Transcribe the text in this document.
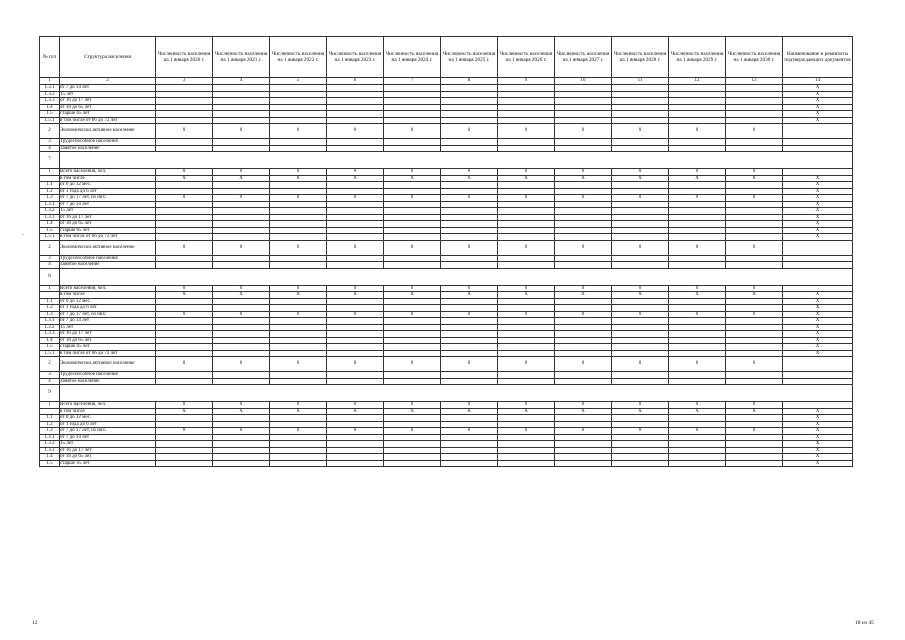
№ п/п	Структура населения	Численность населения на 1 января 2020 г.	Численность населения на 1 января 2021 г.	Численность населения на 1 января 2022 г.	Численность населения на 1 января 2023 г.	Численность населения на 1 января 2024 г.	Численность населения на 1 января 2025 г.	Численность населения на 1 января 2026 г.	Численность населения на 1 января 2027 г.	Численность населения на 1 января 2028 г.	Численность населения на 1 января 2029 г.	Численность населения на 1 января 2030 г.	Наименование и реквизиты подтверждающих документов
1	2	3	4	5	6	7	8	9	10	11	12	13	14
1.3.1	от 7 до 14 лет												X
1.3.2	15 лет												X
1.3.3	от 16 до 17 лет												X
1.4	от 18 до 65 лет												X
1.5	старше 65 лет												X
1.5.1	в том числе от 66 до 72 лет												X
2	Экономически активное население	0	0	0	0	0	0	0	0	0	0	0	
3	Трудоспособное население												
4	Занятое население												
7													
1	Всего населения, чел.	0	0	0	0	0	0	0	0	0	0	0	
	в том числе	X	X	X	X	X	X	X	X	X	X	X	X
1.1	от 0 до 12 мес.												X
1.2	от 1 года до 6 лет												X
1.3	от 7 до 17 лет, из них:	0	0	0	0	0	0	0	0	0	0	0	X
1.3.1	от 7 до 14 лет												X
1.3.2	15 лет												X
1.3.3	от 16 до 17 лет												X
1.4	от 18 до 65 лет												X
1.5	старше 65 лет												X
1.5.1	в том числе от 66 до 72 лет												X
2	Экономически активное население	0	0	0	0	0	0	0	0	0	0	0	
3	Трудоспособное население												
4	Занятое население												
8													
1	Всего населения, чел.	0	0	0	0	0	0	0	0	0	0	0	
	в том числе	X	X	X	X	X	X	X	X	X	X	X	X
1.1	от 0 до 12 мес.												X
1.2	от 1 года до 6 лет												X
1.3	от 7 до 17 лет, из них:	0	0	0	0	0	0	0	0	0	0	0	X
1.3.1	от 7 до 14 лет												X
1.3.2	15 лет												X
1.3.3	от 16 до 17 лет												X
1.4	от 18 до 65 лет												X
1.5	старше 65 лет												X
1.5.1	в том числе от 66 до 72 лет												X
2	Экономически активное население	0	0	0	0	0	0	0	0	0	0	0	
3	Трудоспособное население												
4	Занятое население												
9													
1	Всего населения, чел.	0	0	0	0	0	0	0	0	0	0	0	
	в том числе	X	X	X	X	X	X	X	X	X	X	X	X
1.1	от 0 до 12 мес.												X
1.2	от 1 года до 6 лет												X
1.3	от 7 до 17 лет, из них:	0	0	0	0	0	0	0	0	0	0	0	X
1.3.1	от 7 до 14 лет												X
1.3.2	15 лет												X
1.3.3	от 16 до 17 лет												X
1.4	от 18 до 65 лет												X
1.5	старше 65 лет												X
-
12	18 из 45
